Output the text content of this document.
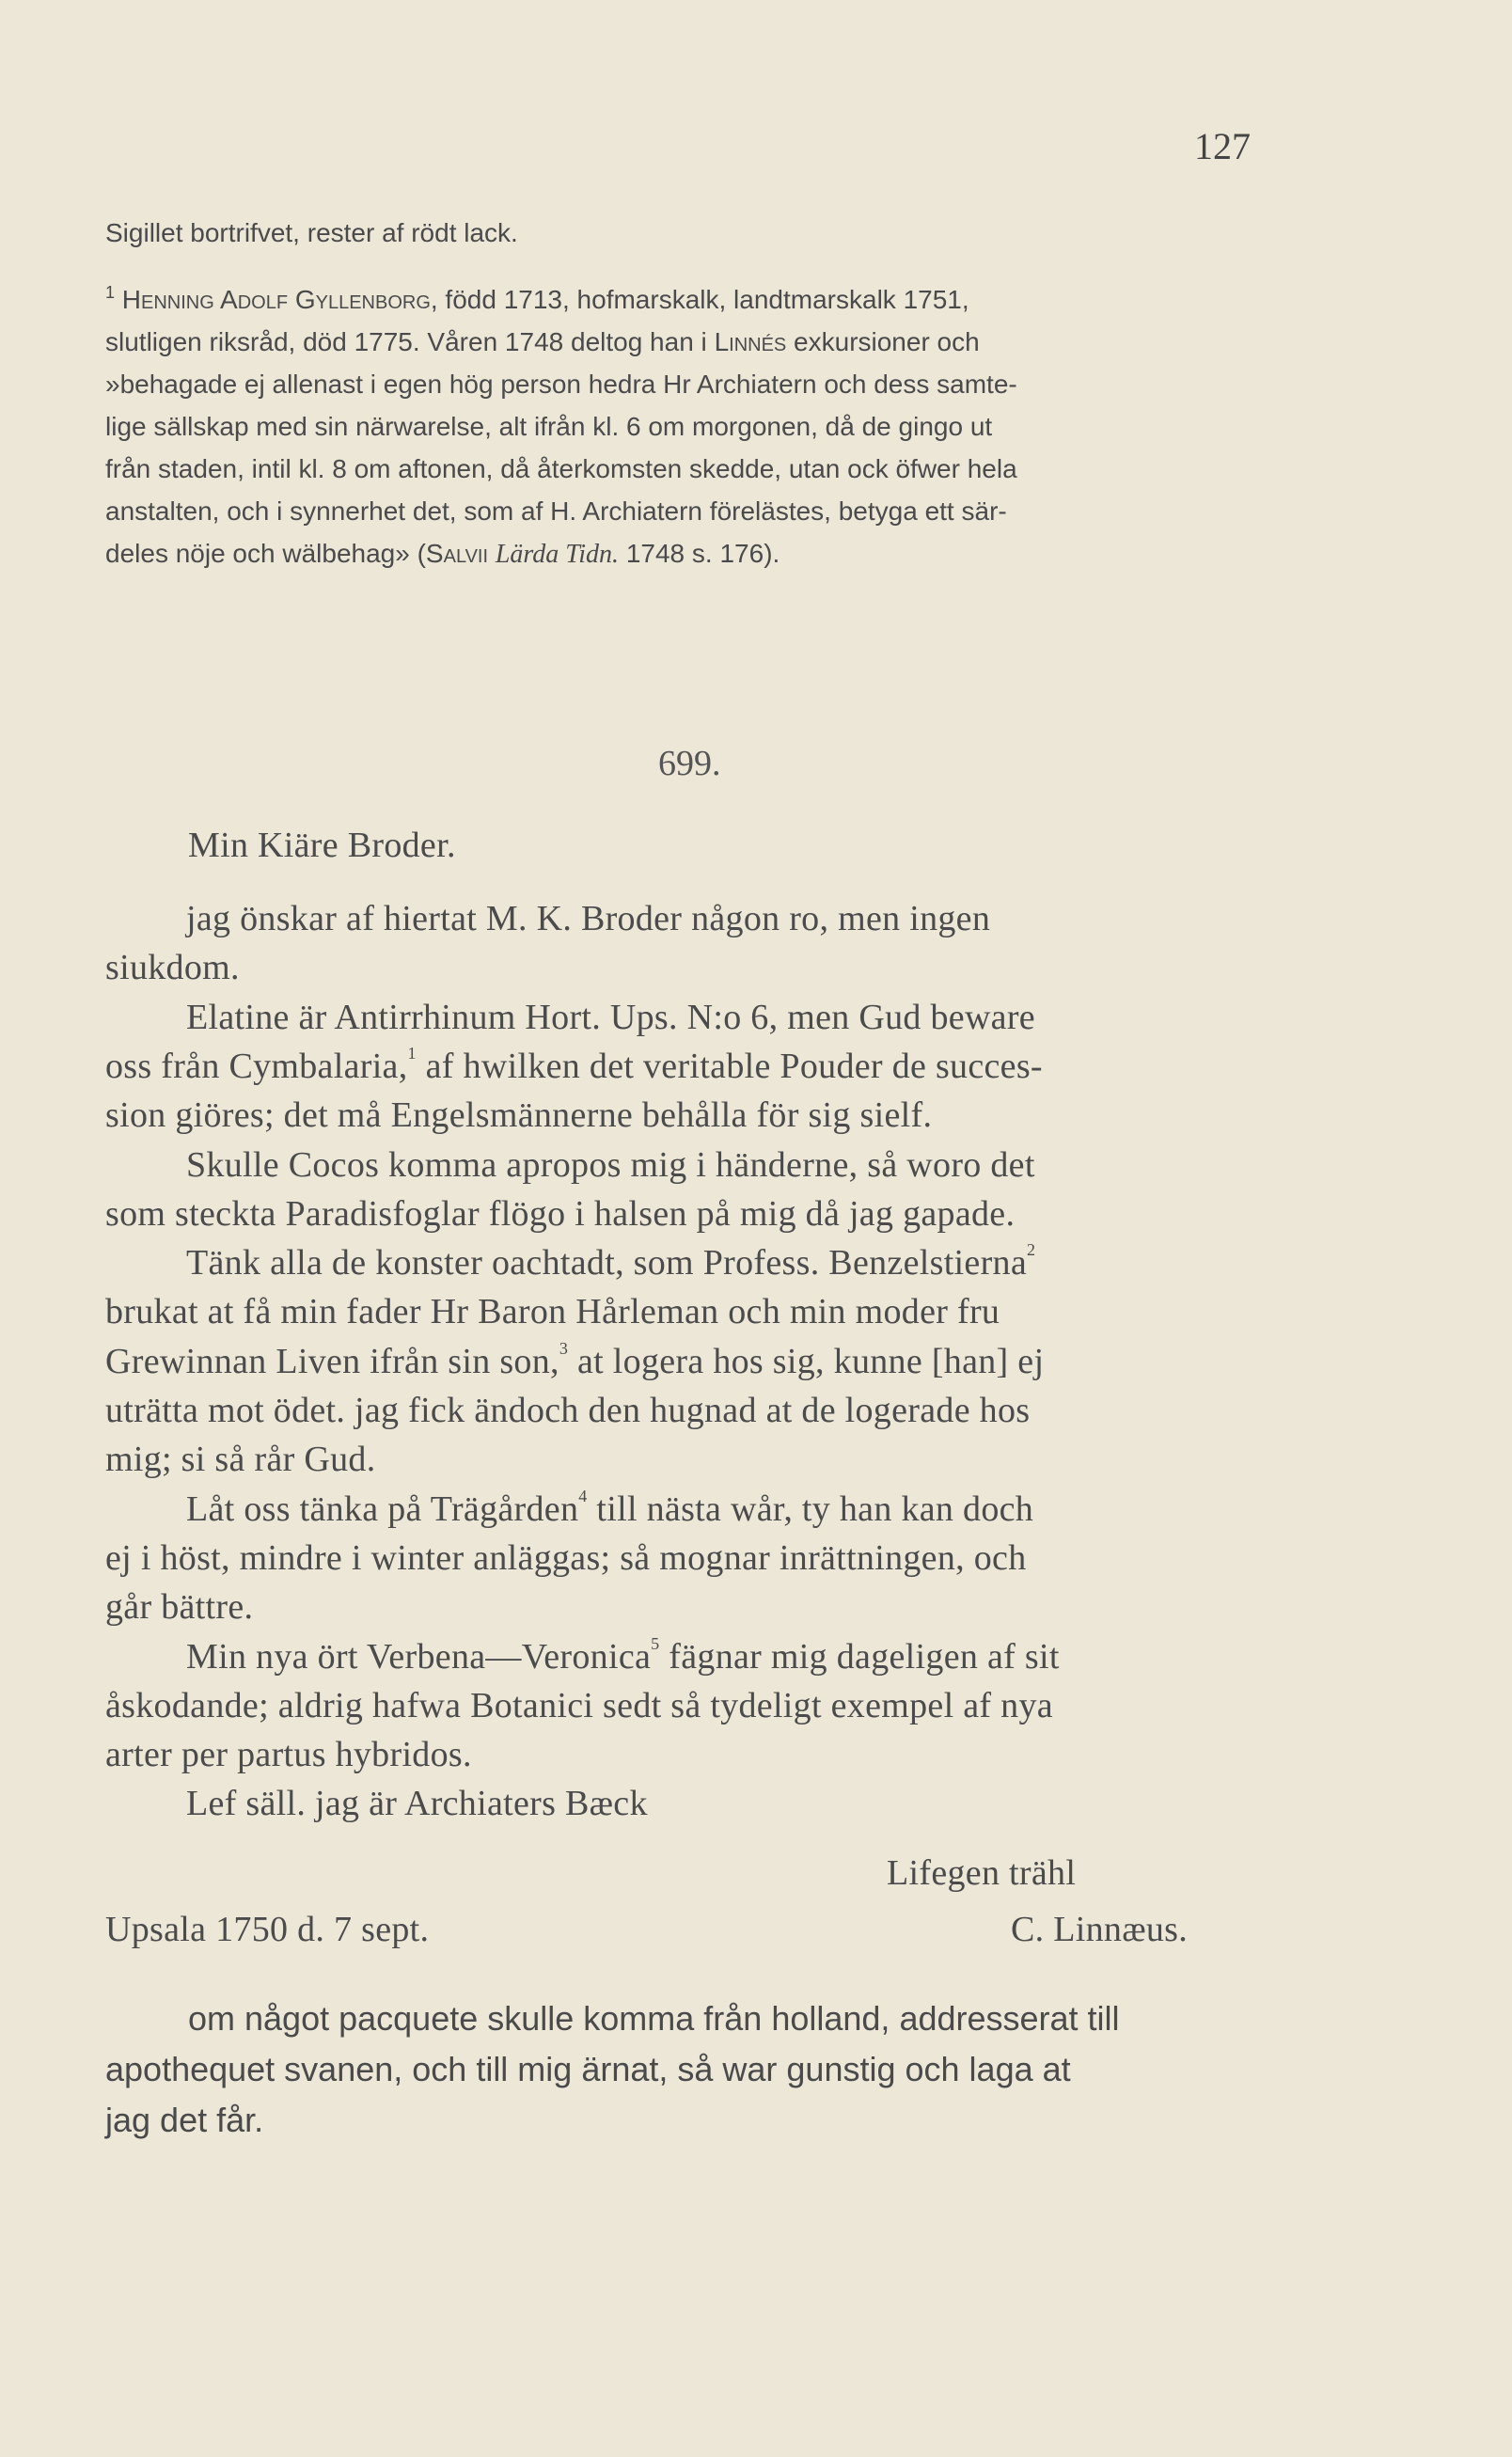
127
Sigillet bortrifvet, rester af rödt lack.
$^1$ Henning Adolf Gyllenborg, född 1713, hofmarskalk, landtmarskalk 1751,
slutligen riksråd, död 1775. Våren 1748 deltog han i Linnés exkursioner och
»behagade ej allenast i egen hög person hedra Hr Archiatern och dess samte-
lige sällskap med sin närwarelse, alt ifrån kl. 6 om morgonen, då de gingo ut
från staden, intil kl. 8 om aftonen, då återkomsten skedde, utan ock öfwer hela
anstalten, och i synnerhet det, som af H. Archiatern förelästes, betyga ett sär-
deles nöje och wälbehag» (Salvii Lärda Tidn. 1748 s. 176).
699.
Min Kiäre Broder.
jag önskar af hiertat M. K. Broder någon ro, men ingen
siukdom.
Elatine är Antirrhinum Hort. Ups. N:o 6, men Gud beware
oss från Cymbalaria,$^1$ af hwilken det veritable Pouder de succes-
sion giöres; det må Engelsmännerne behålla för sig sielf.
Skulle Cocos komma apropos mig i händerne, så woro det
som steckta Paradisfoglar flögo i halsen på mig då jag gapade.
Tänk alla de konster oachtadt, som Profess. Benzelstierna$^2$
brukat at få min fader Hr Baron Hårleman och min moder fru
Grewinnan Liven ifrån sin son,$^3$ at logera hos sig, kunne [han] ej
uträtta mot ödet. jag fick ändoch den hugnad at de logerade hos
mig; si så rår Gud.
Låt oss tänka på Trägården$^4$ till nästa wår, ty han kan doch
ej i höst, mindre i winter anläggas; så mognar inrättningen, och
går bättre.
Min nya ört Verbena—Veronica$^5$ fägnar mig dageligen af sit
åskodande; aldrig hafwa Botanici sedt så tydeligt exempel af nya
arter per partus hybridos.
Lef säll. jag är Archiaters Bæck
Lifegen trähl
Upsala 1750 d. 7 sept.	C. Linnæus.
om något pacquete skulle komma från holland, addresserat till
apothequet svanen, och till mig ärnat, så war gunstig och laga at
jag det får.
